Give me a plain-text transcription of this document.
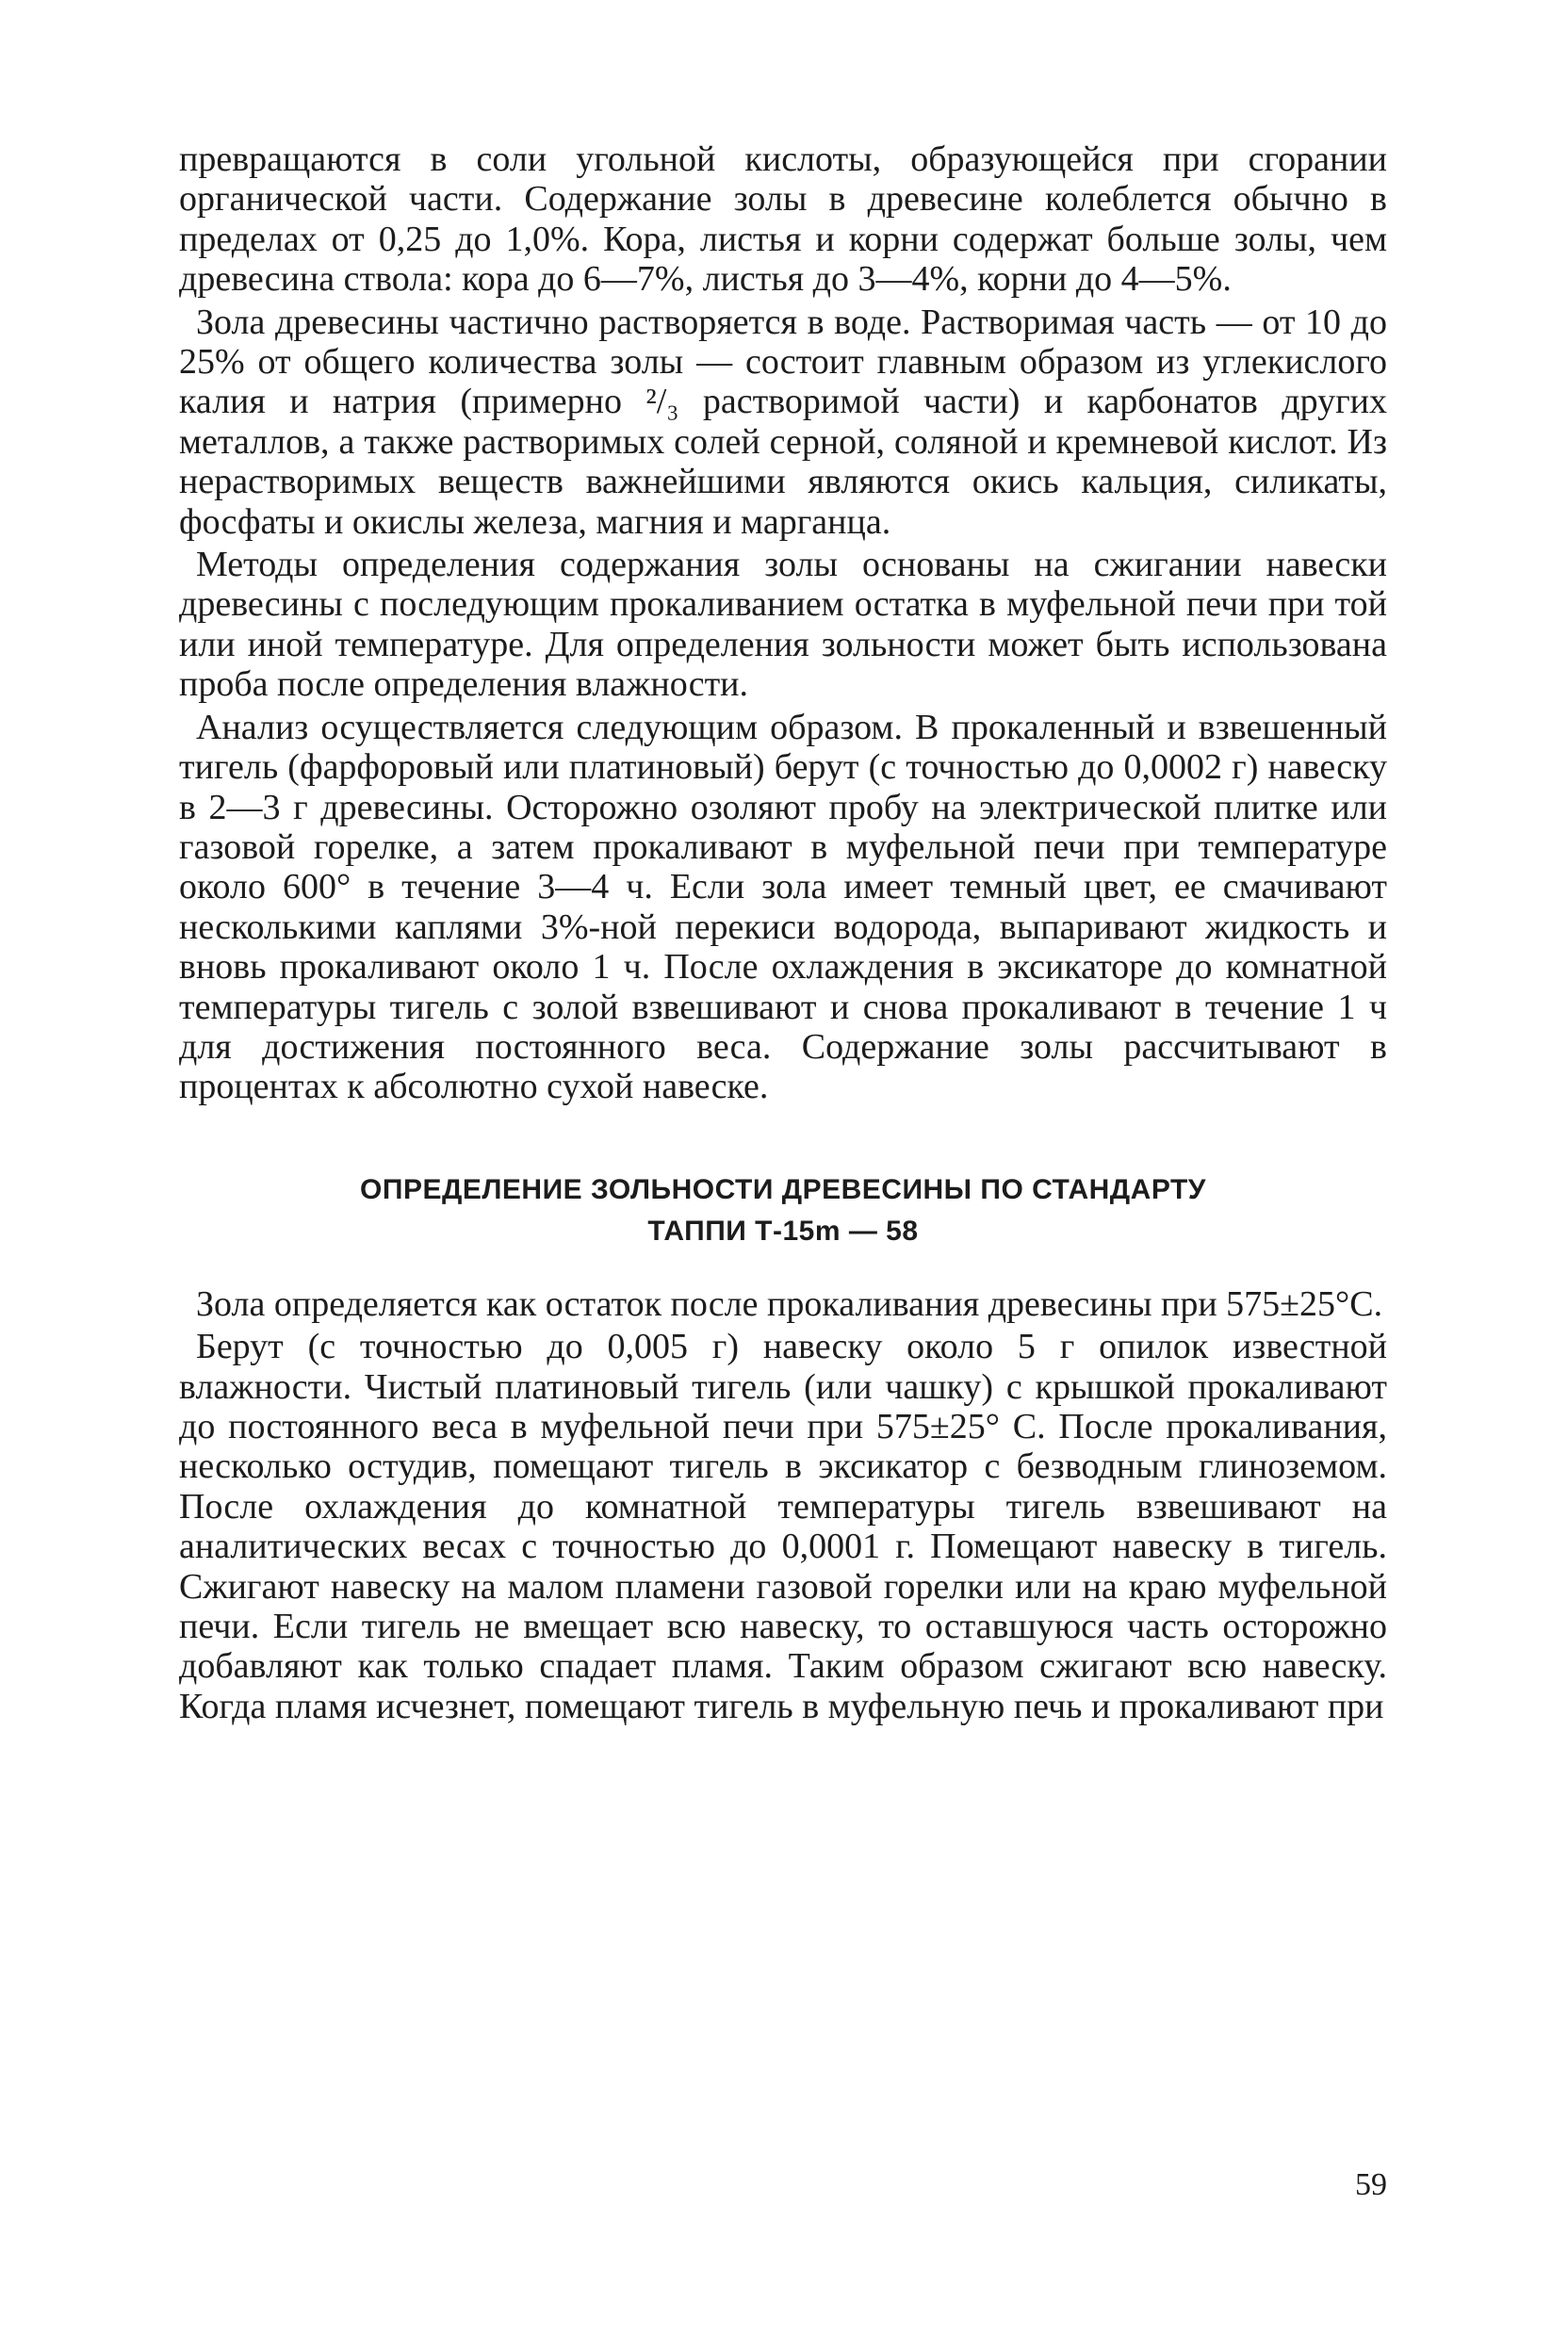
превращаются в соли угольной кислоты, образующейся при сгорании органической части. Содержание золы в древесине колеблется обычно в пределах от 0,25 до 1,0%. Кора, листья и корни содержат больше золы, чем древесина ствола: кора до 6—7%, листья до 3—4%, корни до 4—5%.

Зола древесины частично растворяется в воде. Растворимая часть — от 10 до 25% от общего количества золы — состоит главным образом из углекислого калия и натрия (примерно ²/₃ растворимой части) и карбонатов других металлов, а также растворимых солей серной, соляной и кремневой кислот. Из нерастворимых веществ важнейшими являются окись кальция, силикаты, фосфаты и окислы железа, магния и марганца.

Методы определения содержания золы основаны на сжигании навески древесины с последующим прокаливанием остатка в муфельной печи при той или иной температуре. Для определения зольности может быть использована проба после определения влажности.

Анализ осуществляется следующим образом. В прокаленный и взвешенный тигель (фарфоровый или платиновый) берут (с точностью до 0,0002 г) навеску в 2—3 г древесины. Осторожно озоляют пробу на электрической плитке или газовой горелке, а затем прокаливают в муфельной печи при температуре около 600° в течение 3—4 ч. Если зола имеет темный цвет, ее смачивают несколькими каплями 3%-ной перекиси водорода, выпаривают жидкость и вновь прокаливают около 1 ч. После охлаждения в эксикаторе до комнатной температуры тигель с золой взвешивают и снова прокаливают в течение 1 ч для достижения постоянного веса. Содержание золы рассчитывают в процентах к абсолютно сухой навеске.

ОПРЕДЕЛЕНИЕ ЗОЛЬНОСТИ ДРЕВЕСИНЫ ПО СТАНДАРТУ
ТАППИ Т-15m — 58

Зола определяется как остаток после прокаливания древесины при 575±25°С.

Берут (с точностью до 0,005 г) навеску около 5 г опилок известной влажности. Чистый платиновый тигель (или чашку) с крышкой прокаливают до постоянного веса в муфельной печи при 575±25° С. После прокаливания, несколько остудив, помещают тигель в эксикатор с безводным глиноземом. После охлаждения до комнатной температуры тигель взвешивают на аналитических весах с точностью до 0,0001 г. Помещают навеску в тигель. Сжигают навеску на малом пламени газовой горелки или на краю муфельной печи. Если тигель не вмещает всю навеску, то оставшуюся часть осторожно добавляют как только спадает пламя. Таким образом сжигают всю навеску. Когда пламя исчезнет, помещают тигель в муфельную печь и прокаливают при

59
